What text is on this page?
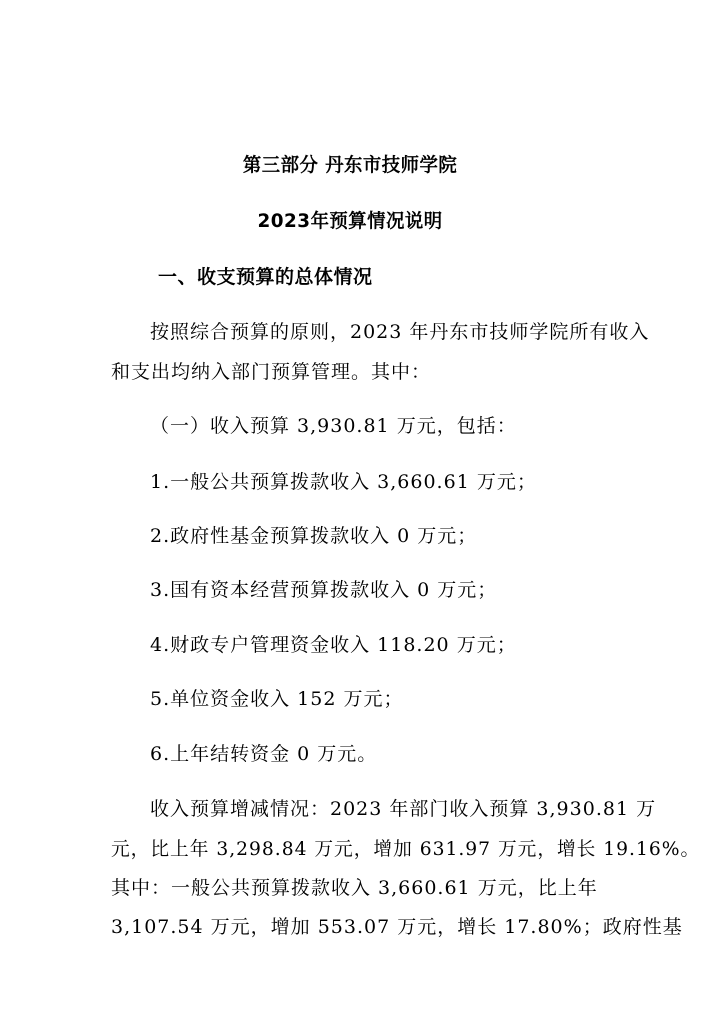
第三部分 丹东市技师学院
2023年预算情况说明
一、收支预算的总体情况
按照综合预算的原则，2023 年丹东市技师学院所有收入
和支出均纳入部门预算管理。其中：
（一）收入预算 3,930.81 万元，包括：
1.一般公共预算拨款收入 3,660.61 万元；
2.政府性基金预算拨款收入 0 万元；
3.国有资本经营预算拨款收入 0 万元；
4.财政专户管理资金收入 118.20 万元；
5.单位资金收入 152 万元；
6.上年结转资金 0 万元。
收入预算增减情况：2023 年部门收入预算 3,930.81 万
元，比上年 3,298.84 万元，增加 631.97 万元，增长 19.16%。
其中：一般公共预算拨款收入 3,660.61 万元，比上年
3,107.54 万元，增加 553.07 万元，增长 17.80%；政府性基
